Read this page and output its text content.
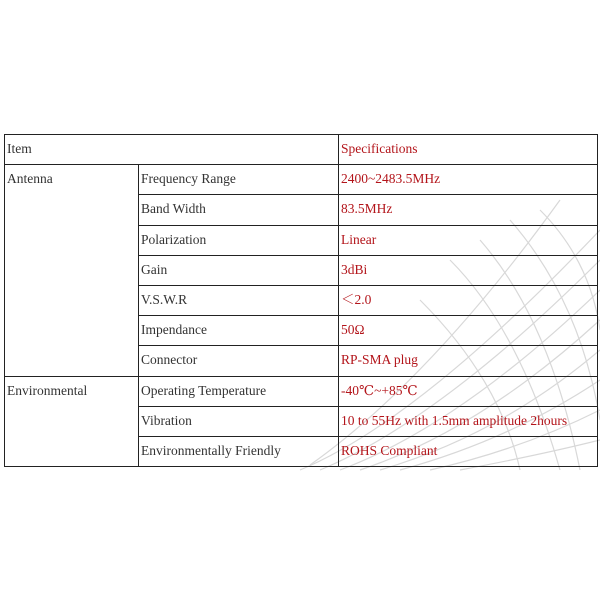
Item		Specifications
Antenna	Frequency Range	2400~2483.5MHz
	Band Width	83.5MHz
	Polarization	Linear
	Gain	3dBi
	V.S.W.R	＜2.0
	Impendance	50Ω
	Connector	RP-SMA plug
Environmental	Operating Temperature	-40℃~+85℃
	Vibration	10 to 55Hz with 1.5mm amplitude 2hours
	Environmentally Friendly	ROHS Compliant
